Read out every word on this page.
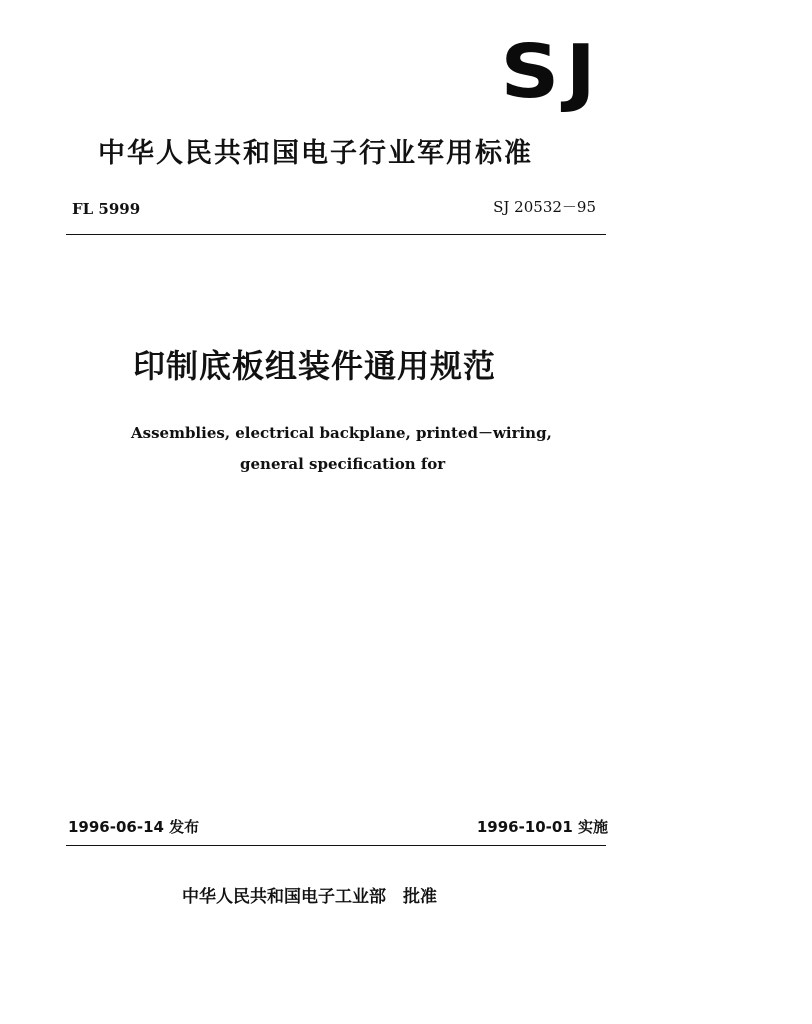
SJ
中华人民共和国电子行业军用标准
FL 5999	SJ 20532－95
印制底板组装件通用规范
Assemblies, electrical backplane, printed－wiring,
general specification for
1996-06-14 发布	1996-10-01 实施
中华人民共和国电子工业部　批准
